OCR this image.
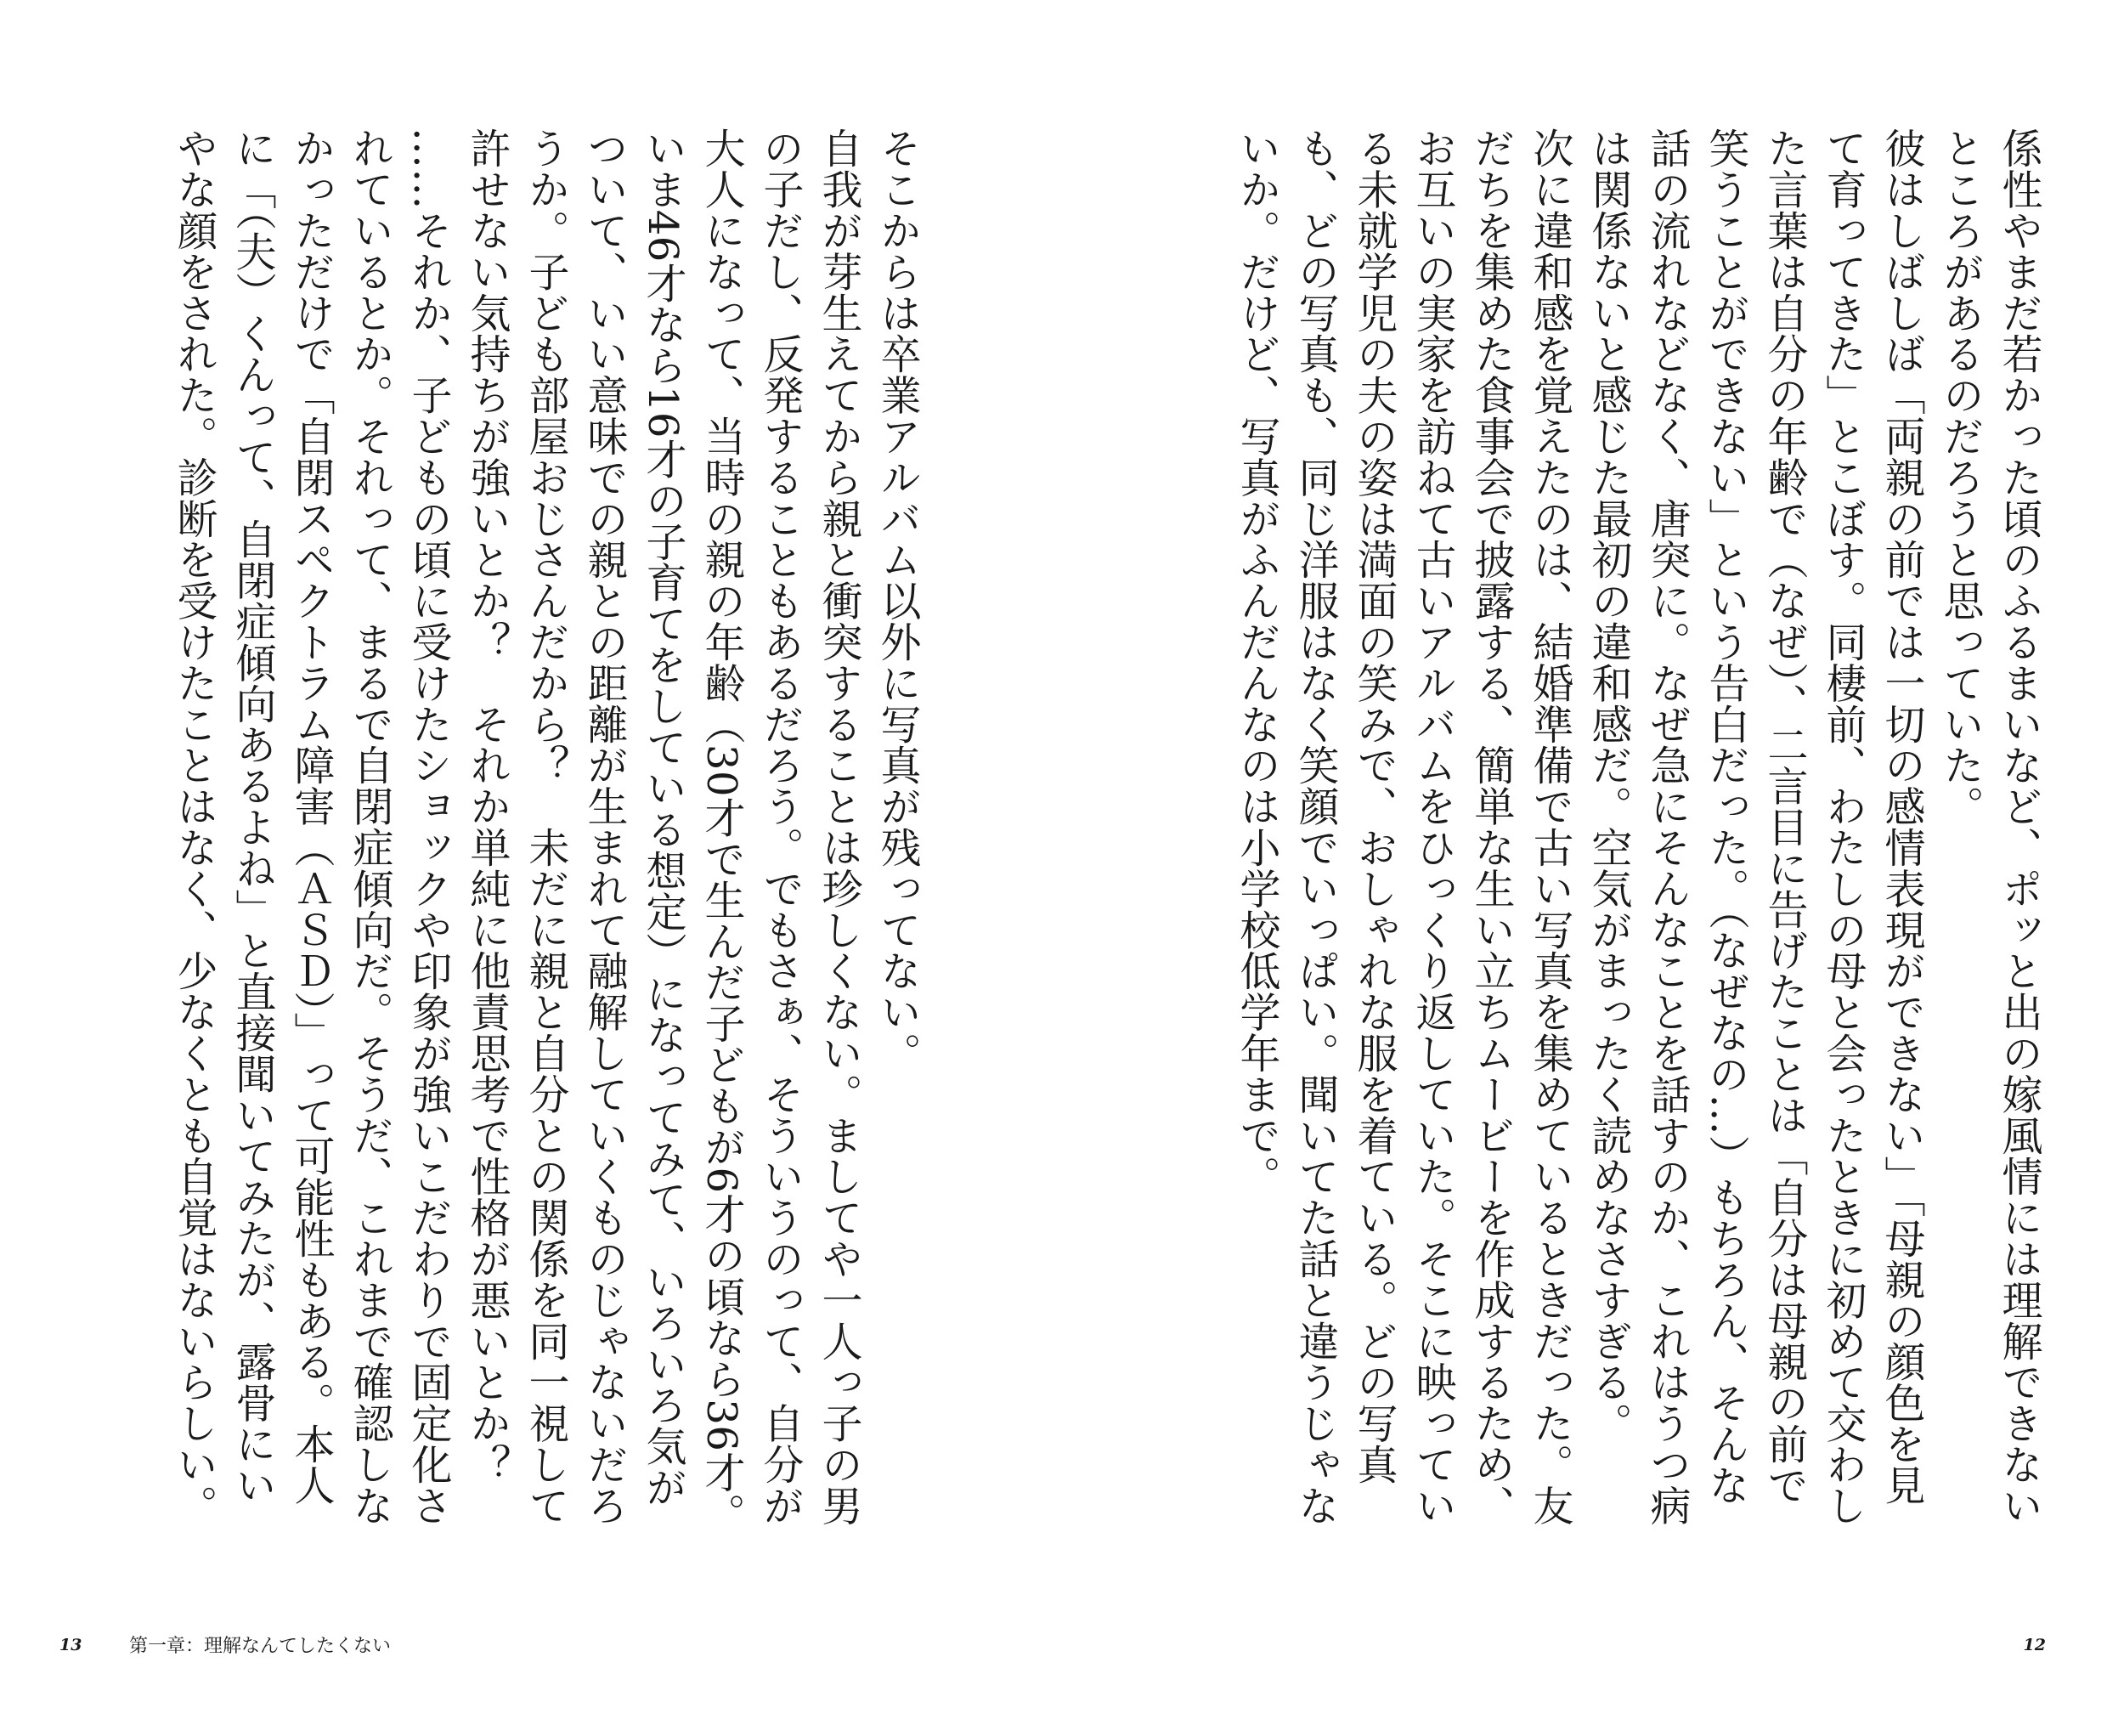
そこからは卒業アルバム以外に写真が残ってない。

自我が芽生えてから親と衝突することは珍しくない。ましてや一人っ子の男の子だし、反発することもあるだろう。でもさぁ、そういうのって、自分が大人になって、当時の親の年齢（30才で生んだ子どもが6才の頃なら36才。いま46才なら16才の子育てをしている想定）になってみて、いろいろ気がついて、いい意味での親との距離が生まれて融解していくものじゃないだろうか。子ども部屋おじさんだから？　未だに親と自分との関係を同一視して許せない気持ちが強いとか？　それか単純に他責思考で性格が悪いとか？

……それか、子どもの頃に受けたショックや印象が強いこだわりで固定化されているとか。それって、まるで自閉症傾向だ。そうだ、これまで確認しなかっただけで「自閉スペクトラム障害（ＡＳＤ）」って可能性もある。本人に「（夫）くんって、自閉症傾向あるよね」と直接聞いてみたが、露骨にいやな顔をされた。診断を受けたことはなく、少なくとも自覚はないらしい。

13	第一章：理解なんてしたくない

係性やまだ若かった頃のふるまいなど、ポッと出の嫁風情には理解できないところがあるのだろうと思っていた。

彼はしばしば「両親の前では一切の感情表現ができない」「母親の顔色を見て育ってきた」とこぼす。同棲前、わたしの母と会ったときに初めて交わした言葉は自分の年齢で（なぜ）、二言目に告げたことは「自分は母親の前で笑うことができない」という告白だった。（なぜなの…）もちろん、そんな話の流れなどなく、唐突に。なぜ急にそんなことを話すのか、これはうつ病は関係ないと感じた最初の違和感だ。空気がまったく読めなさすぎる。

次に違和感を覚えたのは、結婚準備で古い写真を集めているときだった。友だちを集めた食事会で披露する、簡単な生い立ちムービーを作成するため、お互いの実家を訪ねて古いアルバムをひっくり返していた。そこに映っている未就学児の夫の姿は満面の笑みで、おしゃれな服を着ている。どの写真も、どの写真も、同じ洋服はなく笑顔でいっぱい。聞いてた話と違うじゃないか。だけど、写真がふんだんなのは小学校低学年まで。

12
